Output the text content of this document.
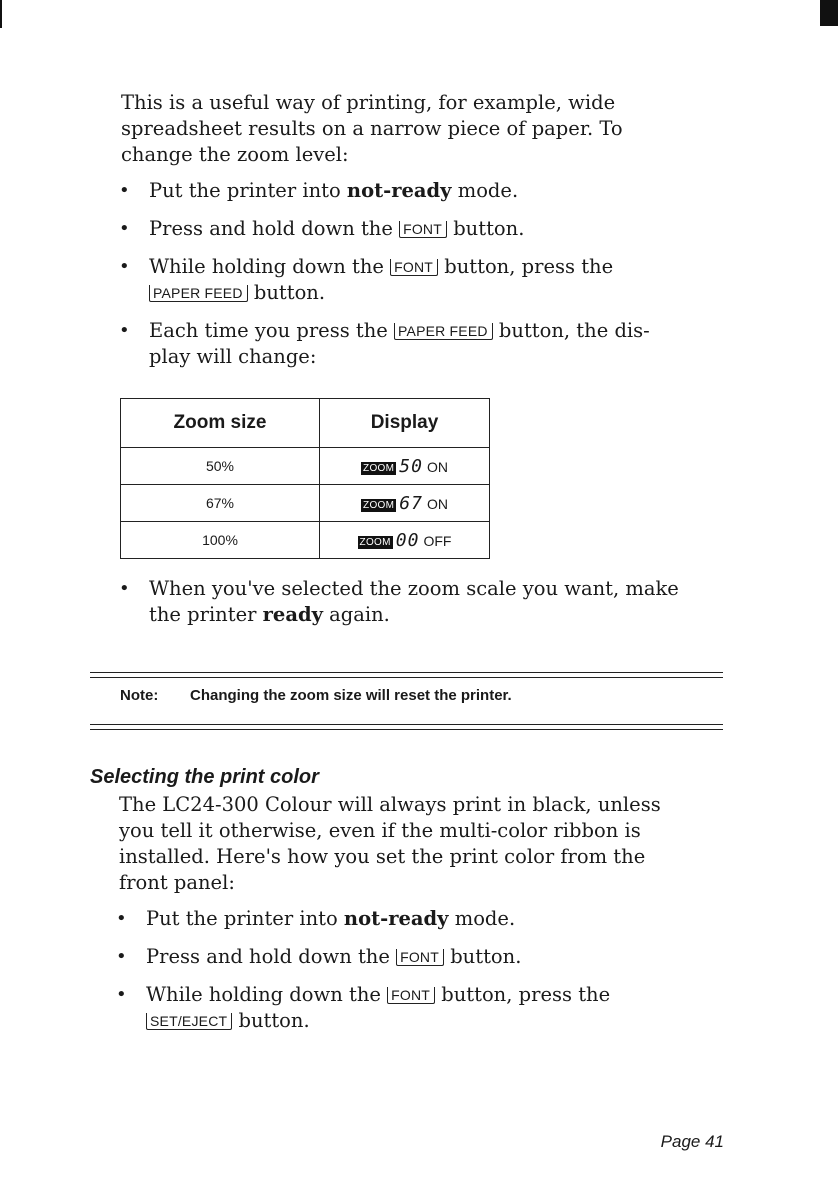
This is a useful way of printing, for example, wide
spreadsheet results on a narrow piece of paper. To
change the zoom level:

• Put the printer into not-ready mode.
• Press and hold down the FONT button.
• While holding down the FONT button, press the
PAPER FEED button.
• Each time you press the PAPER FEED button, the dis-
play will change:
Zoom size	Display
50%	ZOOM 50 ON
67%	ZOOM 67 ON
100%	ZOOM 00 OFF
• When you've selected the zoom scale you want, make
the printer ready again.
Note: Changing the zoom size will reset the printer.
Selecting the print color

The LC24-300 Colour will always print in black, unless
you tell it otherwise, even if the multi-color ribbon is
installed. Here's how you set the print color from the
front panel:

• Put the printer into not-ready mode.
• Press and hold down the FONT button.
• While holding down the FONT button, press the
SET/EJECT button.
Page 41
